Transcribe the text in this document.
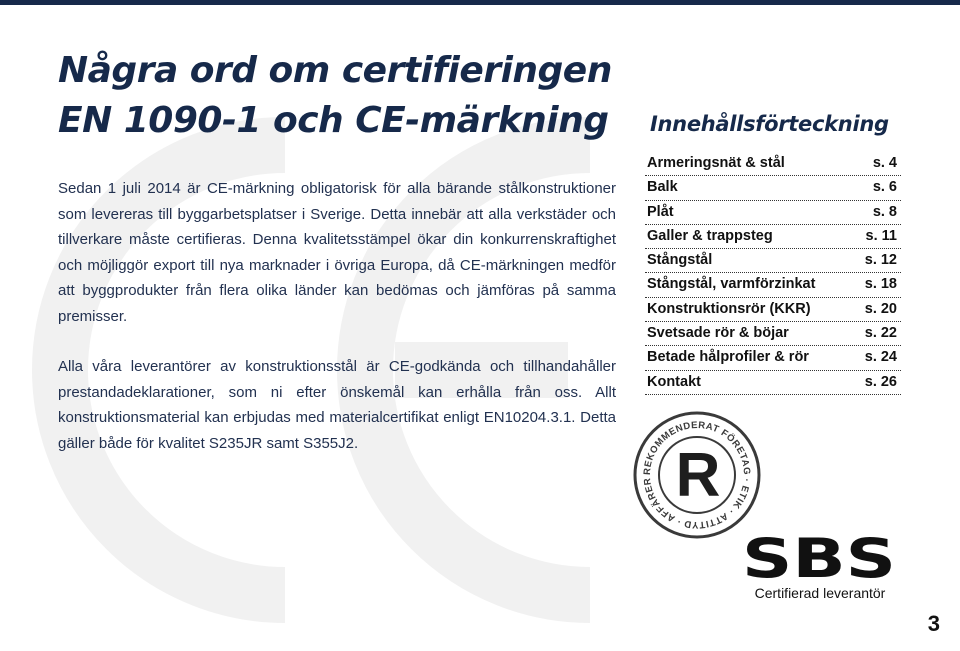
Några ord om certifieringen
EN 1090-1 och CE-märkning

Sedan 1 juli 2014 är CE-märkning obligatorisk för alla bärande stålkonstruktioner som levereras till byggarbetsplatser i Sverige. Detta innebär att alla verkstäder och tillverkare måste certifieras. Denna kvalitetsstämpel ökar din konkurrenskraftighet och möjliggör export till nya marknader i övriga Europa, då CE-märkningen medför att byggprodukter från flera olika länder kan bedömas och jämföras på samma premisser.

Alla våra leverantörer av konstruktionsstål är CE-godkända och tillhandahåller prestandadeklarationer, som ni efter önskemål kan erhålla från oss. Allt konstruktionsmaterial kan erbjudas med materialcertifikat enligt EN10204.3.1. Detta gäller både för kvalitet S235JR samt S355J2.

Innehållsförteckning
Armeringsnät & stål	s. 4
Balk	s. 6
Plåt	s. 8
Galler & trappsteg	s. 11
Stångstål	s. 12
Stångstål, varmförzinkat	s. 18
Konstruktionsrör (KKR)	s. 20
Svetsade rör & böjar	s. 22
Betade hålprofiler & rör	s. 24
Kontakt	s. 26
REKOMMENDERAT FÖRETAG · ETIK · ATTITYD · AFFÄRER R
SBS
Certifierad leverantör
3
